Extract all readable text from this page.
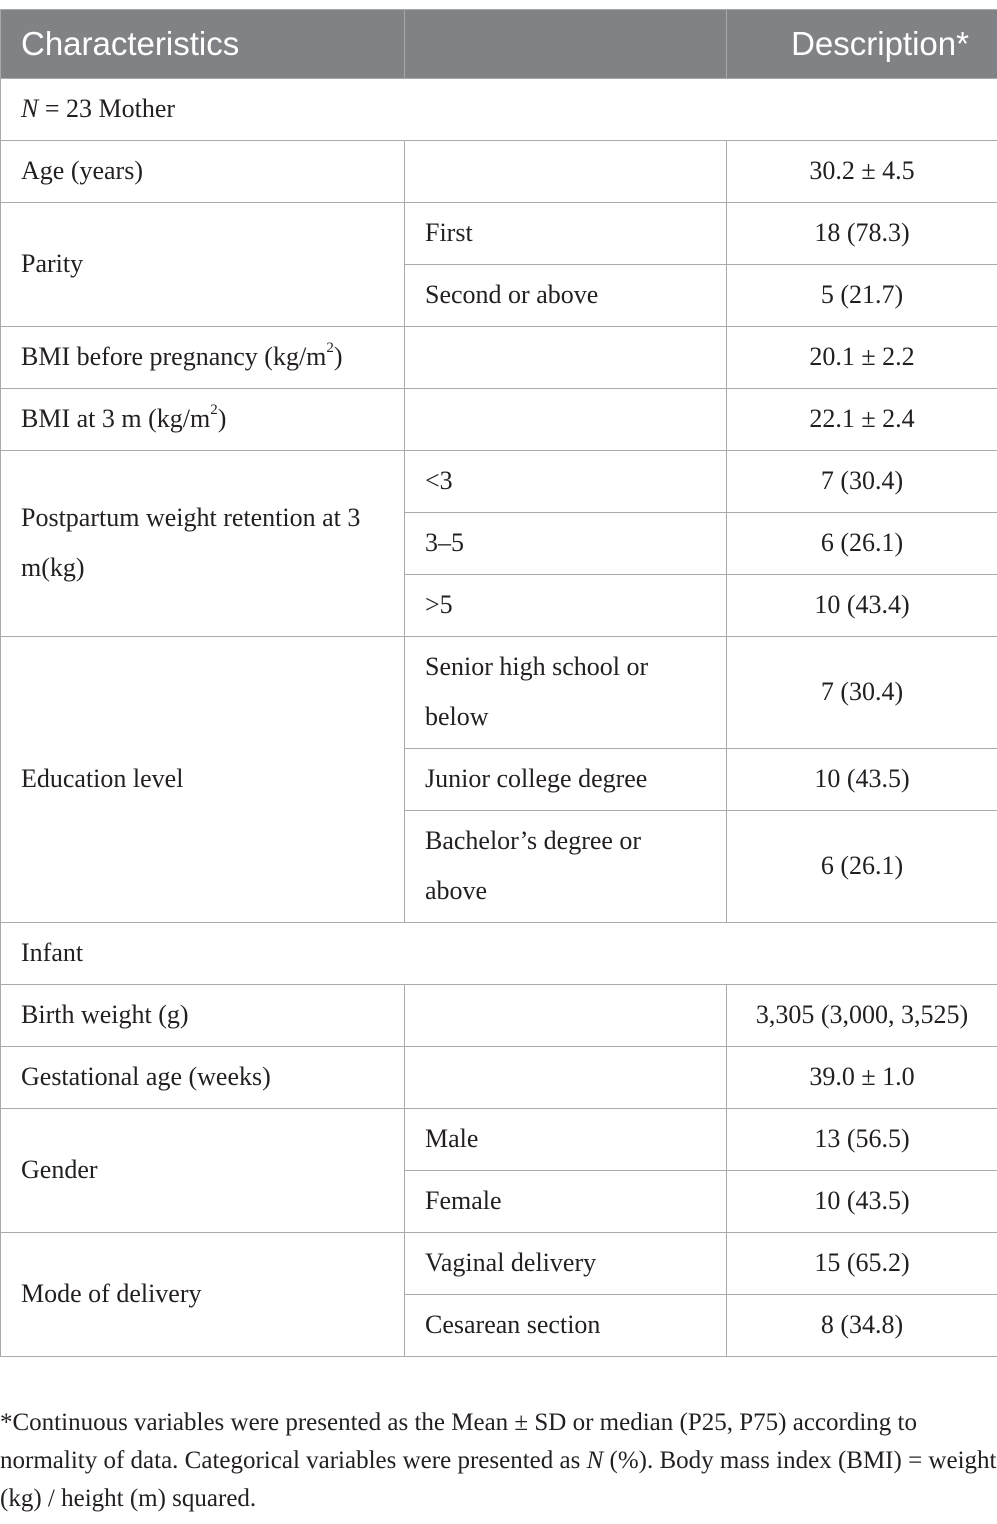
Characteristics		Description*
N = 23 Mother		
Age (years)		30.2 ± 4.5
Parity	First	18 (78.3)
	Second or above	5 (21.7)
BMI before pregnancy $(kg/m^2)$		20.1 ± 2.2
BMI at 3 m $(kg/m^2)$		22.1 ± 2.4
Postpartum weight retention at 3 m(kg)	<3	7 (30.4)
	3–5	6 (26.1)
	>5	10 (43.4)
Education level	Senior high school or below	7 (30.4)
	Junior college degree	10 (43.5)
	Bachelor’s degree or above	6 (26.1)
Infant		
Birth weight (g)		3,305 (3,000, 3,525)
Gestational age (weeks)		39.0 ± 1.0
Gender	Male	13 (56.5)
	Female	10 (43.5)
Mode of delivery	Vaginal delivery	15 (65.2)
	Cesarean section	8 (34.8)
*Continuous variables were presented as the Mean ± SD or median (P25, P75) according to normality of data. Categorical variables were presented as N (%). Body mass index (BMI) = weight (kg) / height (m) squared.
